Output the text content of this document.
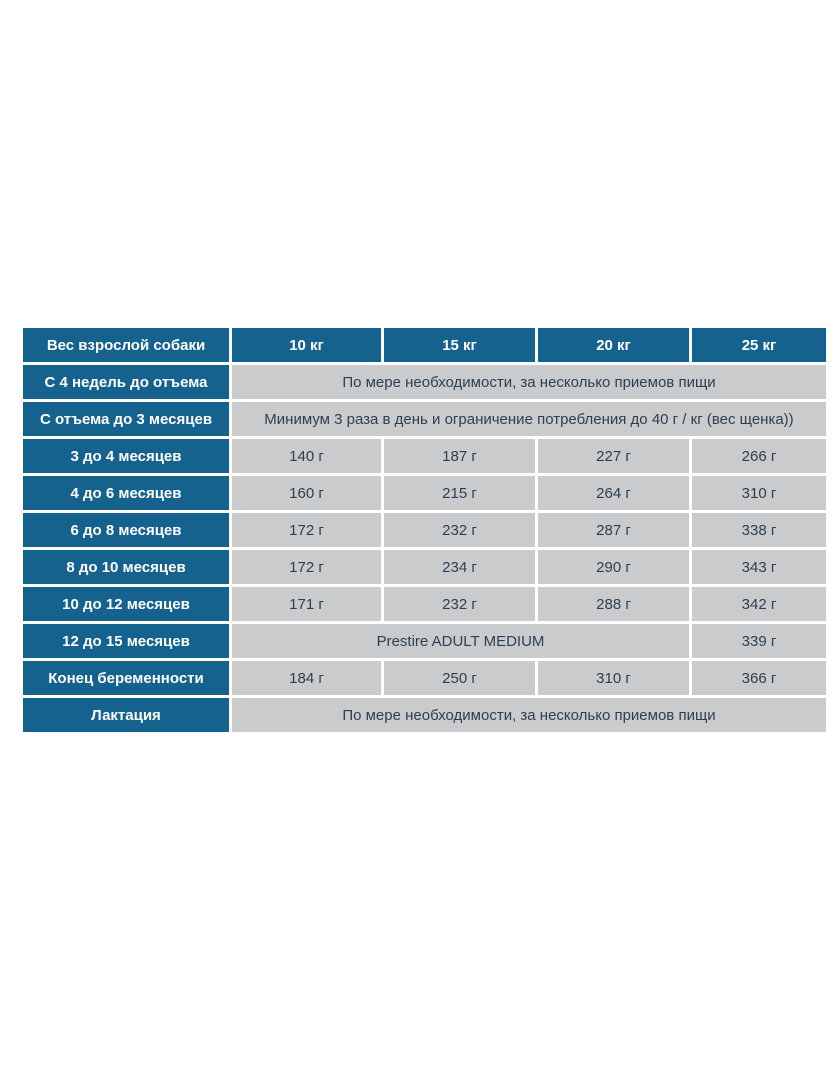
Вес взрослой собаки	10 кг	15 кг	20 кг	25 кг
С 4 недель до отъема	По мере необходимости, за несколько приемов пищи			
С отъема до 3 месяцев	Минимум 3 раза в день и ограничение потребления до 40 г / кг (вес щенка))			
3 до 4 месяцев	140 г	187 г	227 г	266 г
4 до 6 месяцев	160 г	215 г	264 г	310 г
6 до 8 месяцев	172 г	232 г	287 г	338 г
8 до 10 месяцев	172 г	234 г	290 г	343 г
10 до 12 месяцев	171 г	232 г	288 г	342 г
12 до 15 месяцев	Prestire ADULT MEDIUM			339 г
Конец беременности	184 г	250 г	310 г	366 г
Лактация	По мере необходимости, за несколько приемов пищи			
